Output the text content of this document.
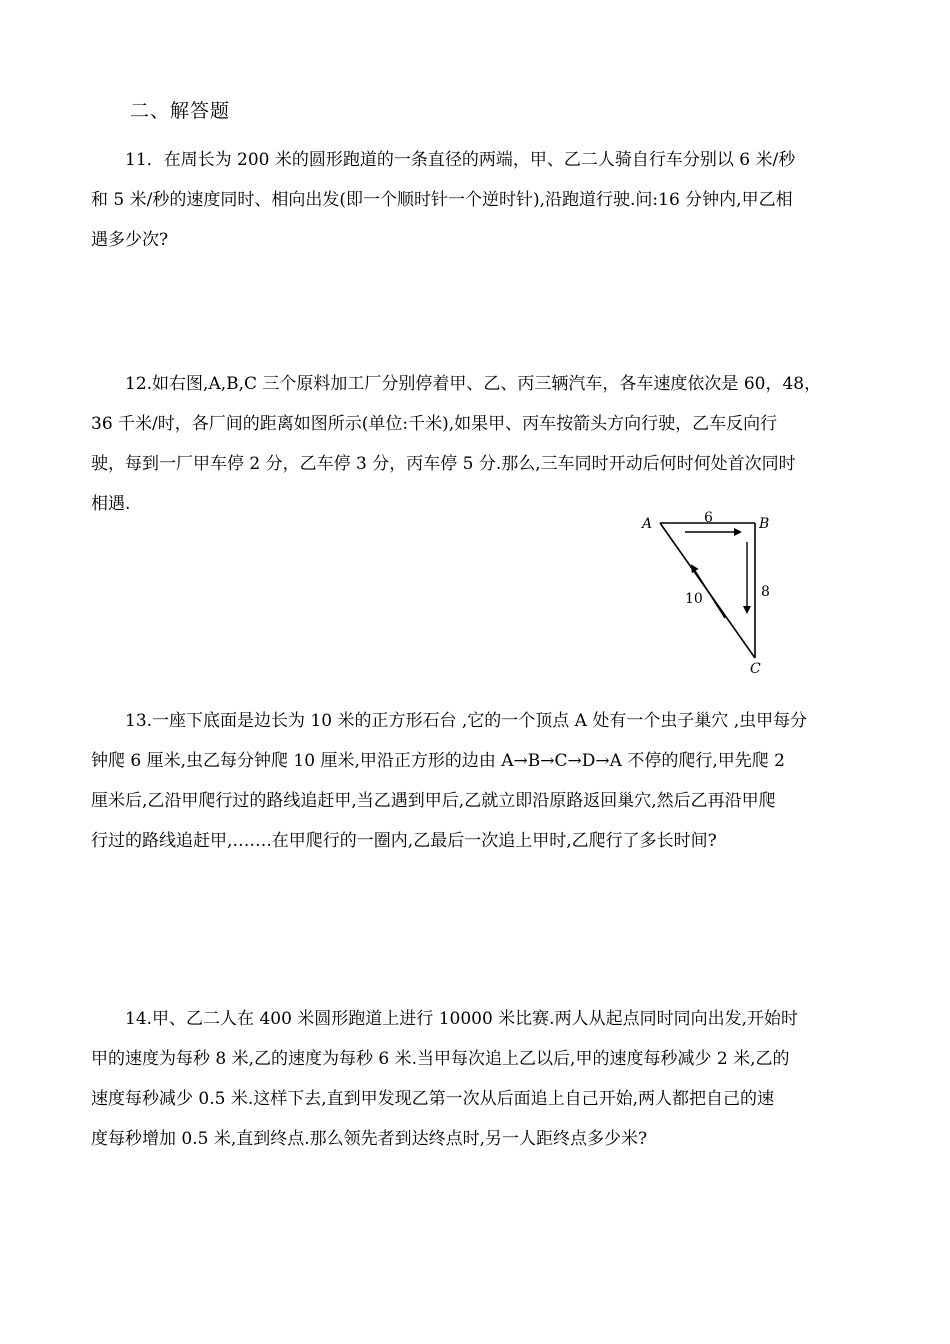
二、解答题
11．在周长为 200 米的圆形跑道的一条直径的两端，甲、乙二人骑自行车分别以 6 米/秒
和 5 米/秒的速度同时、相向出发(即一个顺时针一个逆时针),沿跑道行驶.问:16 分钟内,甲乙相
遇多少次?
12.如右图,A,B,C 三个原料加工厂分别停着甲、乙、丙三辆汽车，各车速度依次是 60，48，
36 千米/时，各厂间的距离如图所示(单位:千米),如果甲、丙车按箭头方向行驶，乙车反向行
驶，每到一厂甲车停 2 分，乙车停 3 分，丙车停 5 分.那么,三车同时开动后何时何处首次同时
相遇.
A	B
C
6
8
10
13.一座下底面是边长为 10 米的正方形石台 ,它的一个顶点 A 处有一个虫子巢穴 ,虫甲每分
钟爬 6 厘米,虫乙每分钟爬 10 厘米,甲沿正方形的边由 A→B→C→D→A 不停的爬行,甲先爬 2
厘米后,乙沿甲爬行过的路线追赶甲,当乙遇到甲后,乙就立即沿原路返回巢穴,然后乙再沿甲爬
行过的路线追赶甲,…….在甲爬行的一圈内,乙最后一次追上甲时,乙爬行了多长时间?
14.甲、乙二人在 400 米圆形跑道上进行 10000 米比赛.两人从起点同时同向出发,开始时
甲的速度为每秒 8 米,乙的速度为每秒 6 米.当甲每次追上乙以后,甲的速度每秒减少 2 米,乙的
速度每秒减少 0.5 米.这样下去,直到甲发现乙第一次从后面追上自己开始,两人都把自己的速
度每秒增加 0.5 米,直到终点.那么领先者到达终点时,另一人距终点多少米?
